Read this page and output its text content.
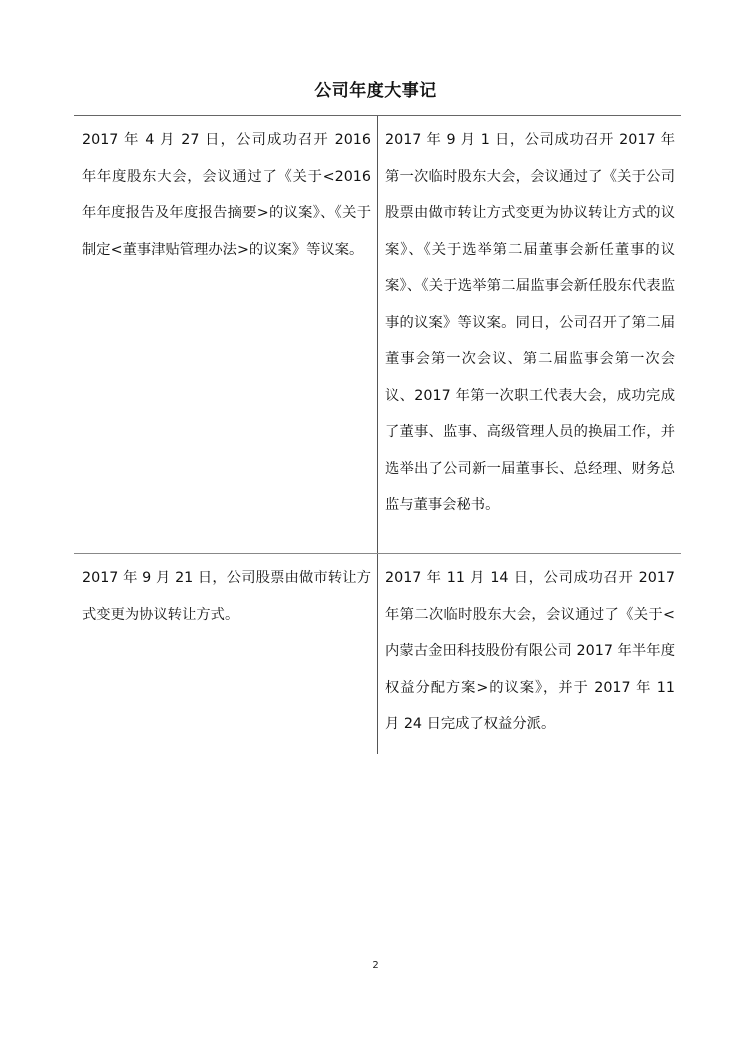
公司年度大事记
2017 年 4 月 27 日，公司成功召开 2016 年年度股东大会，会议通过了《关于<2016 年年度报告及年度报告摘要>的议案》、《关于制定<董事津贴管理办法>的议案》等议案。
2017 年 9 月 1 日，公司成功召开 2017 年第一次临时股东大会，会议通过了《关于公司股票由做市转让方式变更为协议转让方式的议案》、《关于选举第二届董事会新任董事的议案》、《关于选举第二届监事会新任股东代表监事的议案》等议案。同日，公司召开了第二届董事会第一次会议、第二届监事会第一次会议、2017 年第一次职工代表大会，成功完成了董事、监事、高级管理人员的换届工作，并选举出了公司新一届董事长、总经理、财务总监与董事会秘书。
2017 年 9 月 21 日，公司股票由做市转让方式变更为协议转让方式。
2017 年 11 月 14 日，公司成功召开 2017 年第二次临时股东大会，会议通过了《关于<内蒙古金田科技股份有限公司 2017 年半年度权益分配方案>的议案》，并于 2017 年 11 月 24 日完成了权益分派。
2
